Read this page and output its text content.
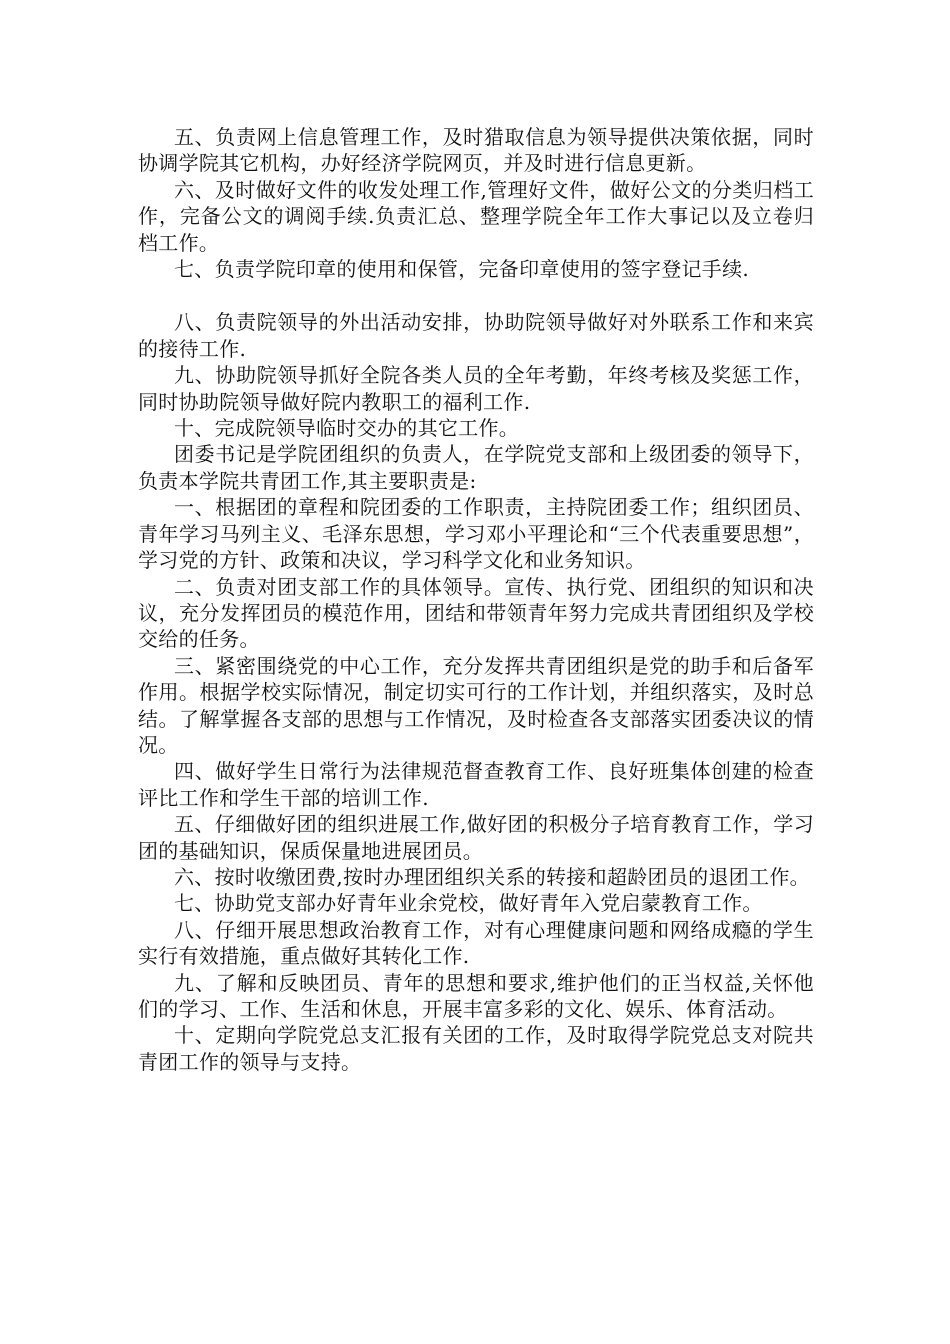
五、负责网上信息管理工作，及时猎取信息为领导提供决策依据，同时协调学院其它机构，办好经济学院网页，并及时进行信息更新。

六、及时做好文件的收发处理工作,管理好文件，做好公文的分类归档工作，完备公文的调阅手续.负责汇总、整理学院全年工作大事记以及立卷归档工作。

七、负责学院印章的使用和保管，完备印章使用的签字登记手续.

八、负责院领导的外出活动安排，协助院领导做好对外联系工作和来宾的接待工作.

九、协助院领导抓好全院各类人员的全年考勤，年终考核及奖惩工作，同时协助院领导做好院内教职工的福利工作.

十、完成院领导临时交办的其它工作。

团委书记是学院团组织的负责人，在学院党支部和上级团委的领导下，负责本学院共青团工作,其主要职责是:

一、根据团的章程和院团委的工作职责，主持院团委工作；组织团员、青年学习马列主义、毛泽东思想，学习邓小平理论和“三个代表重要思想”，学习党的方针、政策和决议，学习科学文化和业务知识。

二、负责对团支部工作的具体领导。宣传、执行党、团组织的知识和决议，充分发挥团员的模范作用，团结和带领青年努力完成共青团组织及学校交给的任务。

三、紧密围绕党的中心工作，充分发挥共青团组织是党的助手和后备军作用。根据学校实际情况，制定切实可行的工作计划，并组织落实，及时总结。了解掌握各支部的思想与工作情况，及时检查各支部落实团委决议的情况。

四、做好学生日常行为法律规范督查教育工作、良好班集体创建的检查评比工作和学生干部的培训工作.

五、仔细做好团的组织进展工作,做好团的积极分子培育教育工作，学习团的基础知识，保质保量地进展团员。

六、按时收缴团费,按时办理团组织关系的转接和超龄团员的退团工作。

七、协助党支部办好青年业余党校，做好青年入党启蒙教育工作。

八、仔细开展思想政治教育工作，对有心理健康问题和网络成瘾的学生实行有效措施，重点做好其转化工作.

九、了解和反映团员、青年的思想和要求,维护他们的正当权益,关怀他们的学习、工作、生活和休息，开展丰富多彩的文化、娱乐、体育活动。

十、定期向学院党总支汇报有关团的工作，及时取得学院党总支对院共青团工作的领导与支持。
